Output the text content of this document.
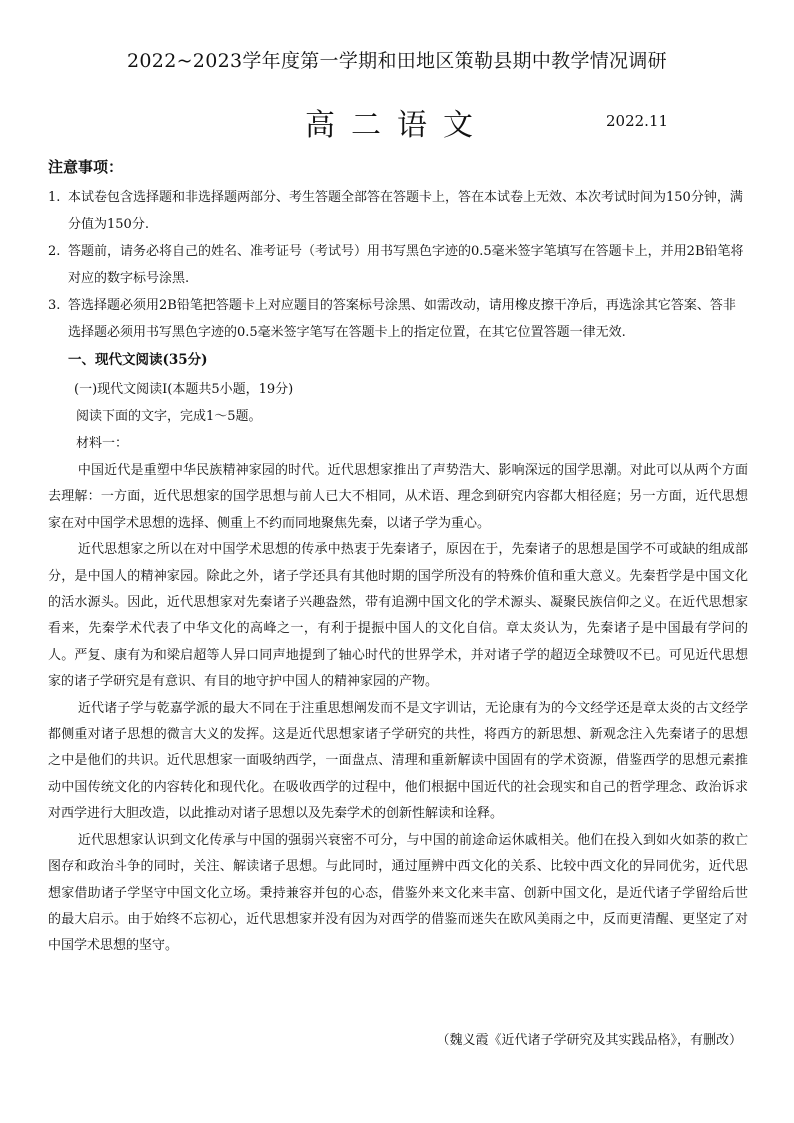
2022~2023学年度第一学期和田地区策勒县期中教学情况调研
高二语文	2022.11
注意事项：
1. 本试卷包含选择题和非选择题两部分、考生答题全部答在答题卡上，答在本试卷上无效、本次考试时间为150分钟，满分值为150分.
2. 答题前，请务必将自己的姓名、准考证号（考试号）用书写黑色字迹的0.5毫米签字笔填写在答题卡上，并用2B铅笔将对应的数字标号涂黑.
3. 答选择题必须用2B铅笔把答题卡上对应题目的答案标号涂黑、如需改动，请用橡皮擦干净后，再选涂其它答案、答非选择题必须用书写黑色字迹的0.5毫米签字笔写在答题卡上的指定位置，在其它位置答题一律无效.
一、现代文阅读(35分)
(一)现代文阅读Ⅰ(本题共5小题，19分)
阅读下面的文字，完成1～5题。
材料一：

中国近代是重塑中华民族精神家园的时代。近代思想家推出了声势浩大、影响深远的国学思潮。对此可以从两个方面去理解：一方面，近代思想家的国学思想与前人已大不相同，从术语、理念到研究内容都大相径庭；另一方面，近代思想家在对中国学术思想的选择、侧重上不约而同地聚焦先秦，以诸子学为重心。

近代思想家之所以在对中国学术思想的传承中热衷于先秦诸子，原因在于，先秦诸子的思想是国学不可或缺的组成部分，是中国人的精神家园。除此之外，诸子学还具有其他时期的国学所没有的特殊价值和重大意义。先秦哲学是中国文化的活水源头。因此，近代思想家对先秦诸子兴趣盎然，带有追溯中国文化的学术源头、凝聚民族信仰之义。在近代思想家看来，先秦学术代表了中华文化的高峰之一，有利于提振中国人的文化自信。章太炎认为，先秦诸子是中国最有学问的人。严复、康有为和梁启超等人异口同声地提到了轴心时代的世界学术，并对诸子学的超迈全球赞叹不已。可见近代思想家的诸子学研究是有意识、有目的地守护中国人的精神家园的产物。

近代诸子学与乾嘉学派的最大不同在于注重思想阐发而不是文字训诂，无论康有为的今文经学还是章太炎的古文经学都侧重对诸子思想的微言大义的发挥。这是近代思想家诸子学研究的共性，将西方的新思想、新观念注入先秦诸子的思想之中是他们的共识。近代思想家一面吸纳西学，一面盘点、清理和重新解读中国固有的学术资源，借鉴西学的思想元素推动中国传统文化的内容转化和现代化。在吸收西学的过程中，他们根据中国近代的社会现实和自己的哲学理念、政治诉求对西学进行大胆改造，以此推动对诸子思想以及先秦学术的创新性解读和诠释。

近代思想家认识到文化传承与中国的强弱兴衰密不可分，与中国的前途命运休戚相关。他们在投入到如火如荼的救亡图存和政治斗争的同时，关注、解读诸子思想。与此同时，通过厘辨中西文化的关系、比较中西文化的异同优劣，近代思想家借助诸子学坚守中国文化立场。秉持兼容并包的心态，借鉴外来文化来丰富、创新中国文化，是近代诸子学留给后世的最大启示。由于始终不忘初心，近代思想家并没有因为对西学的借鉴而迷失在欧风美雨之中，反而更清醒、更坚定了对中国学术思想的坚守。

（魏义霞《近代诸子学研究及其实践品格》，有删改）
